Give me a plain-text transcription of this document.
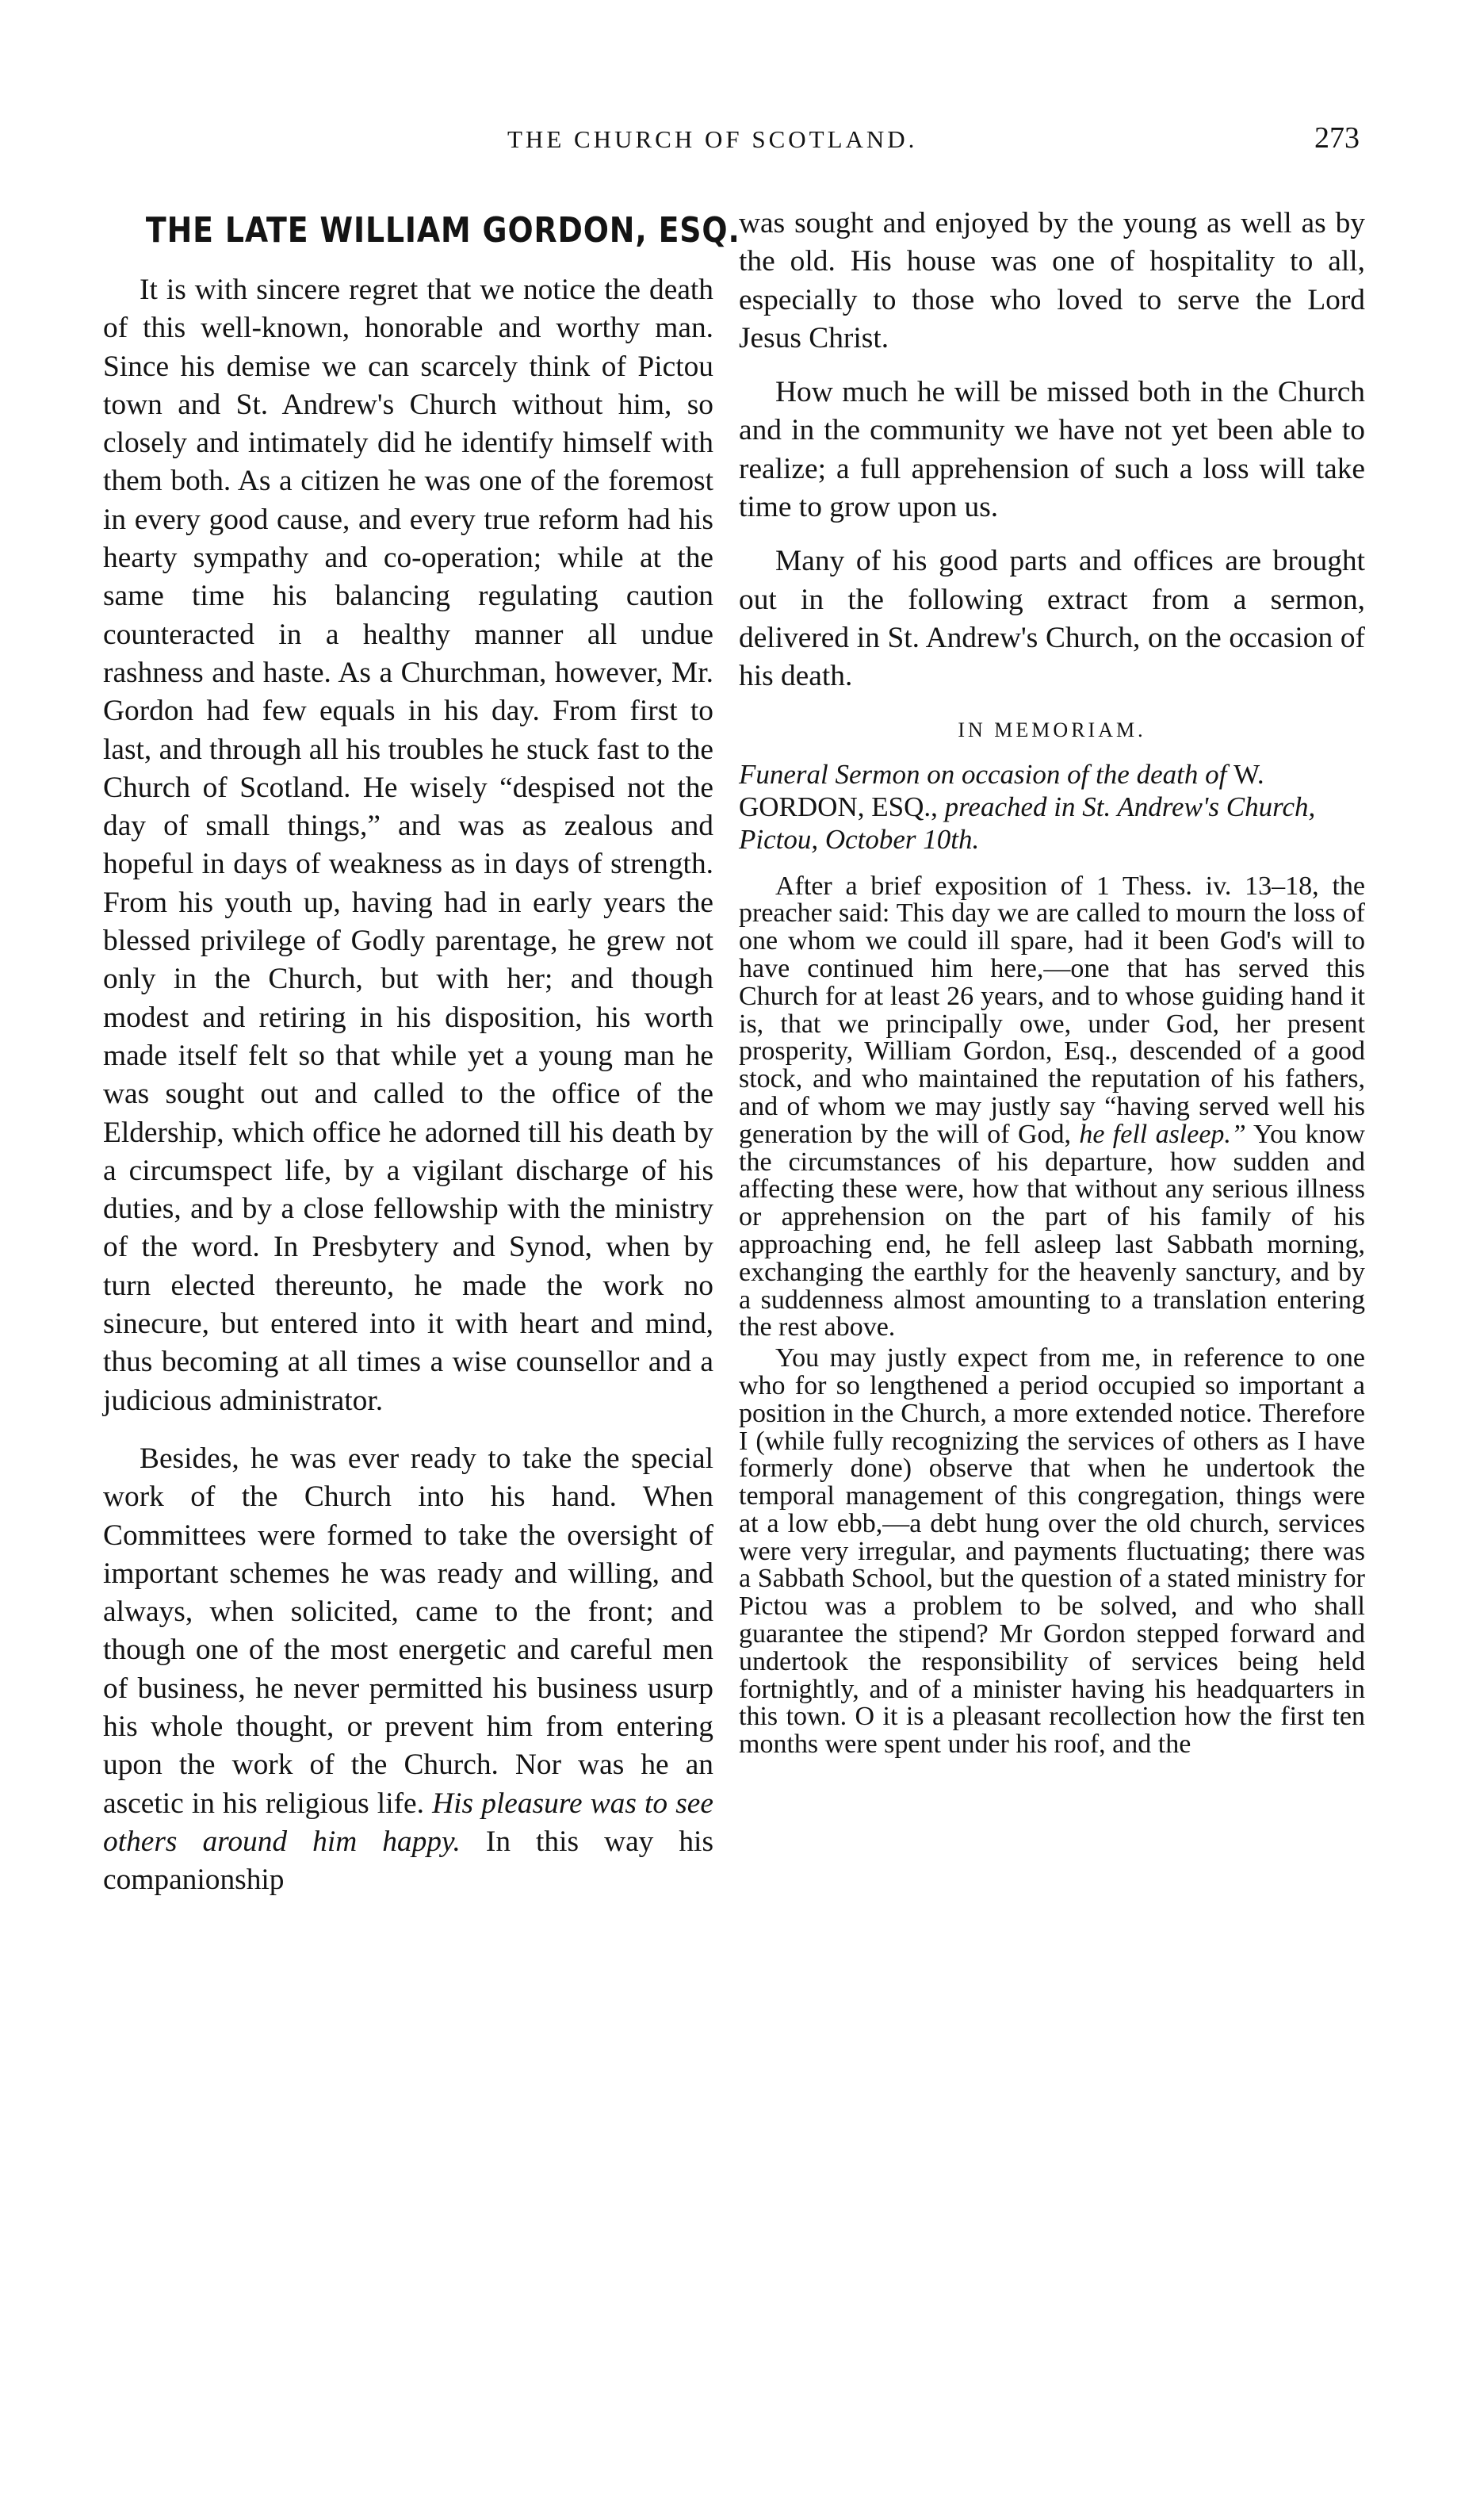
THE CHURCH OF SCOTLAND.	273
THE LATE WILLIAM GORDON, ESQ.

It is with sincere regret that we notice the death of this well-known, honorable and worthy man. Since his demise we can scarcely think of Pictou town and St. Andrew's Church without him, so closely and intimately did he identify himself with them both. As a citizen he was one of the foremost in every good cause, and every true reform had his hearty sympathy and co-operation; while at the same time his balancing regulating caution counteracted in a healthy manner all undue rashness and haste. As a Churchman, however, Mr. Gordon had few equals in his day. From first to last, and through all his troubles he stuck fast to the Church of Scotland. He wisely “despised not the day of small things,” and was as zealous and hopeful in days of weakness as in days of strength. From his youth up, having had in early years the blessed privilege of Godly parentage, he grew not only in the Church, but with her; and though modest and retiring in his disposition, his worth made itself felt so that while yet a young man he was sought out and called to the office of the Eldership, which office he adorned till his death by a circumspect life, by a vigilant discharge of his duties, and by a close fellowship with the ministry of the word. In Presbytery and Synod, when by turn elected thereunto, he made the work no sinecure, but entered into it with heart and mind, thus becoming at all times a wise counsellor and a judicious administrator.

Besides, he was ever ready to take the special work of the Church into his hand. When Committees were formed to take the oversight of important schemes he was ready and willing, and always, when solicited, came to the front; and though one of the most energetic and careful men of business, he never permitted his business usurp his whole thought, or prevent him from entering upon the work of the Church. Nor was he an ascetic in his religious life. His pleasure was to see others around him happy. In this way his companionship

was sought and enjoyed by the young as well as by the old. His house was one of hospitality to all, especially to those who loved to serve the Lord Jesus Christ.

How much he will be missed both in the Church and in the community we have not yet been able to realize; a full apprehension of such a loss will take time to grow upon us.

Many of his good parts and offices are brought out in the following extract from a sermon, delivered in St. Andrew's Church, on the occasion of his death.

IN MEMORIAM.

Funeral Sermon on occasion of the death of W. GORDON, ESQ., preached in St. Andrew's Church, Pictou, October 10th.

After a brief exposition of 1 Thess. iv. 13–18, the preacher said: This day we are called to mourn the loss of one whom we could ill spare, had it been God's will to have continued him here,—one that has served this Church for at least 26 years, and to whose guiding hand it is, that we principally owe, under God, her present prosperity, William Gordon, Esq., descended of a good stock, and who maintained the reputation of his fathers, and of whom we may justly say “having served well his generation by the will of God, he fell asleep.” You know the circumstances of his departure, how sudden and affecting these were, how that without any serious illness or apprehension on the part of his family of his approaching end, he fell asleep last Sabbath morning, exchanging the earthly for the heavenly sanctury, and by a suddenness almost amounting to a translation entering the rest above.

You may justly expect from me, in reference to one who for so lengthened a period occupied so important a position in the Church, a more extended notice. Therefore I (while fully recognizing the services of others as I have formerly done) observe that when he undertook the temporal management of this congregation, things were at a low ebb,—a debt hung over the old church, services were very irregular, and payments fluctuating; there was a Sabbath School, but the question of a stated ministry for Pictou was a problem to be solved, and who shall guarantee the stipend? Mr Gordon stepped forward and undertook the responsibility of services being held fortnightly, and of a minister having his headquarters in this town. O it is a pleasant recollection how the first ten months were spent under his roof, and the
